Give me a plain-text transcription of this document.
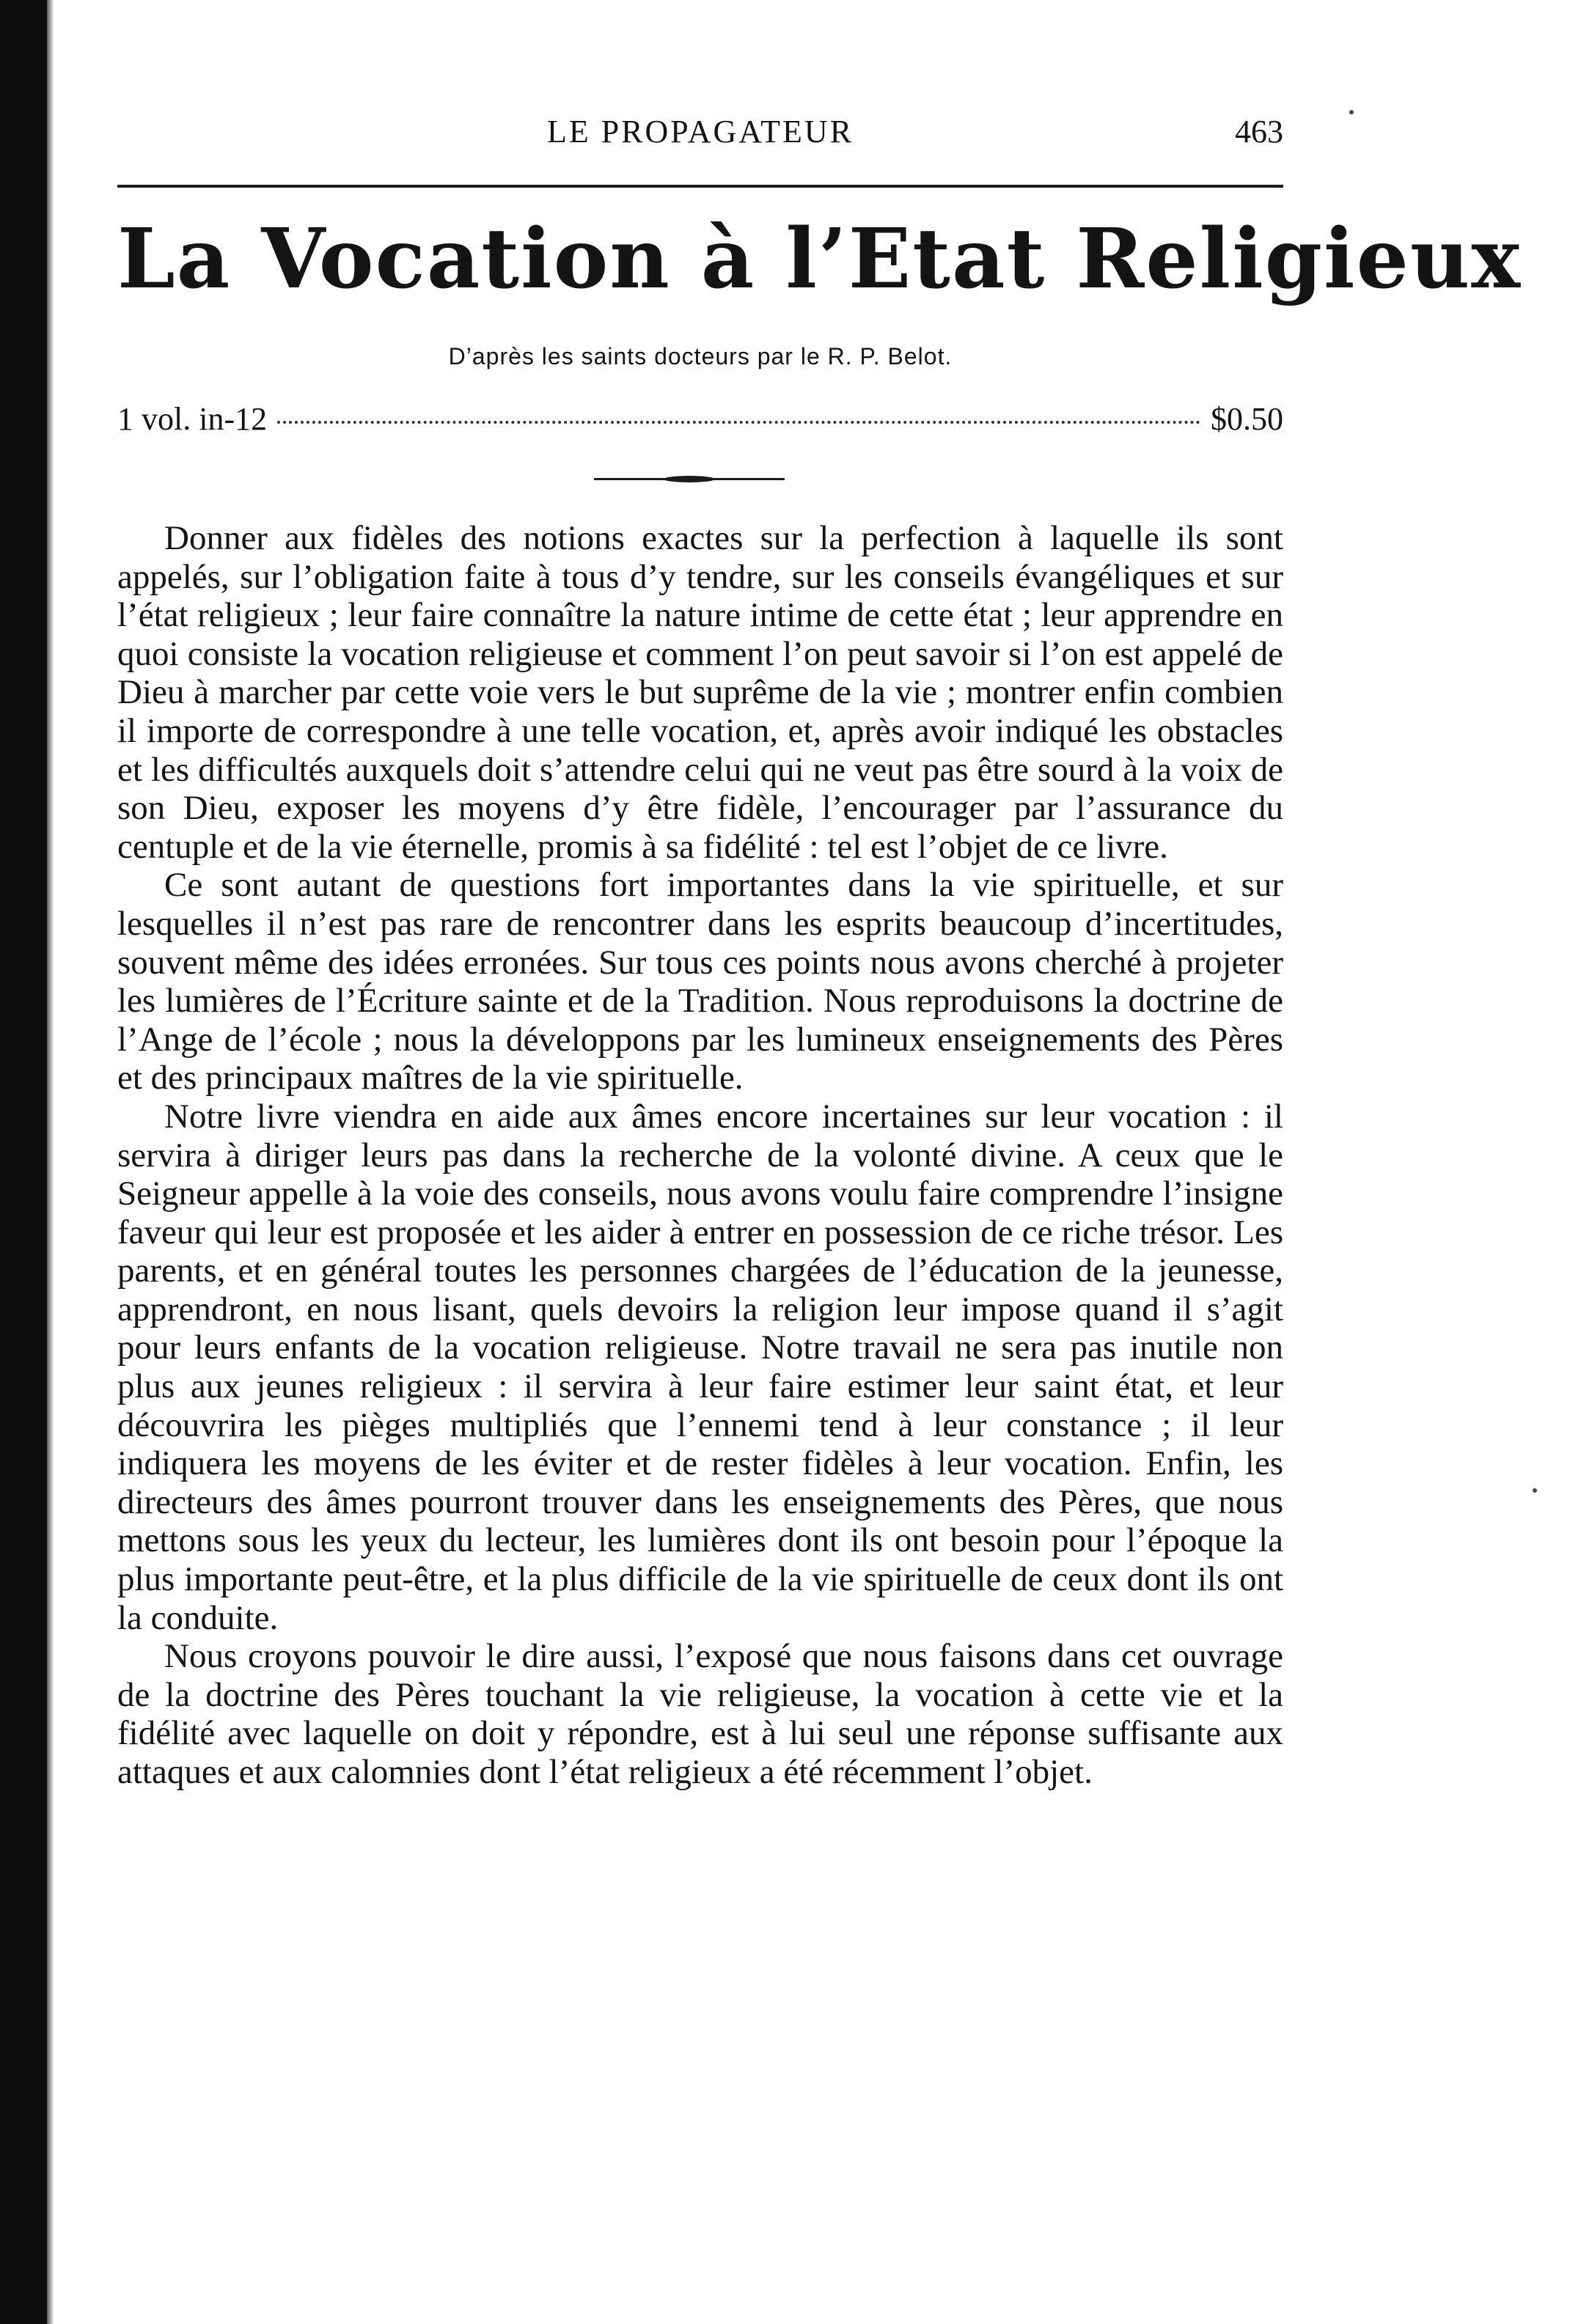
LE PROPAGATEUR	463
La Vocation à l’Etat Religieux
D’après les saints docteurs par le R. P. Belot.
1 vol. in-12	$0.50

Donner aux fidèles des notions exactes sur la perfection à laquelle ils sont appelés, sur l’obligation faite à tous d’y tendre, sur les conseils évangéliques et sur l’état religieux ; leur faire connaître la nature intime de cette état ; leur apprendre en quoi consiste la vocation religieuse et comment l’on peut savoir si l’on est appelé de Dieu à marcher par cette voie vers le but suprême de la vie ; montrer enfin combien il importe de correspondre à une telle vocation, et, après avoir indiqué les obstacles et les difficultés auxquels doit s’attendre celui qui ne veut pas être sourd à la voix de son Dieu, exposer les moyens d’y être fidèle, l’encourager par l’assurance du centuple et de la vie éternelle, promis à sa fidélité : tel est l’objet de ce livre.

Ce sont autant de questions fort importantes dans la vie spirituelle, et sur lesquelles il n’est pas rare de rencontrer dans les esprits beaucoup d’incertitudes, souvent même des idées erronées. Sur tous ces points nous avons cherché à projeter les lumières de l’Écriture sainte et de la Tradition. Nous reproduisons la doctrine de l’Ange de l’école ; nous la développons par les lumineux enseignements des Pères et des principaux maîtres de la vie spirituelle.

Notre livre viendra en aide aux âmes encore incertaines sur leur vocation : il servira à diriger leurs pas dans la recherche de la volonté divine. A ceux que le Seigneur appelle à la voie des conseils, nous avons voulu faire comprendre l’insigne faveur qui leur est proposée et les aider à entrer en possession de ce riche trésor. Les parents, et en général toutes les personnes chargées de l’éducation de la jeunesse, apprendront, en nous lisant, quels devoirs la religion leur impose quand il s’agit pour leurs enfants de la vocation religieuse. Notre travail ne sera pas inutile non plus aux jeunes religieux : il servira à leur faire estimer leur saint état, et leur découvrira les pièges multipliés que l’ennemi tend à leur constance ; il leur indiquera les moyens de les éviter et de rester fidèles à leur vocation. Enfin, les directeurs des âmes pourront trouver dans les enseignements des Pères, que nous mettons sous les yeux du lecteur, les lumières dont ils ont besoin pour l’époque la plus importante peut-être, et la plus difficile de la vie spirituelle de ceux dont ils ont la conduite.

Nous croyons pouvoir le dire aussi, l’exposé que nous faisons dans cet ouvrage de la doctrine des Pères touchant la vie religieuse, la vocation à cette vie et la fidélité avec laquelle on doit y répondre, est à lui seul une réponse suffisante aux attaques et aux calomnies dont l’état religieux a été récemment l’objet.
